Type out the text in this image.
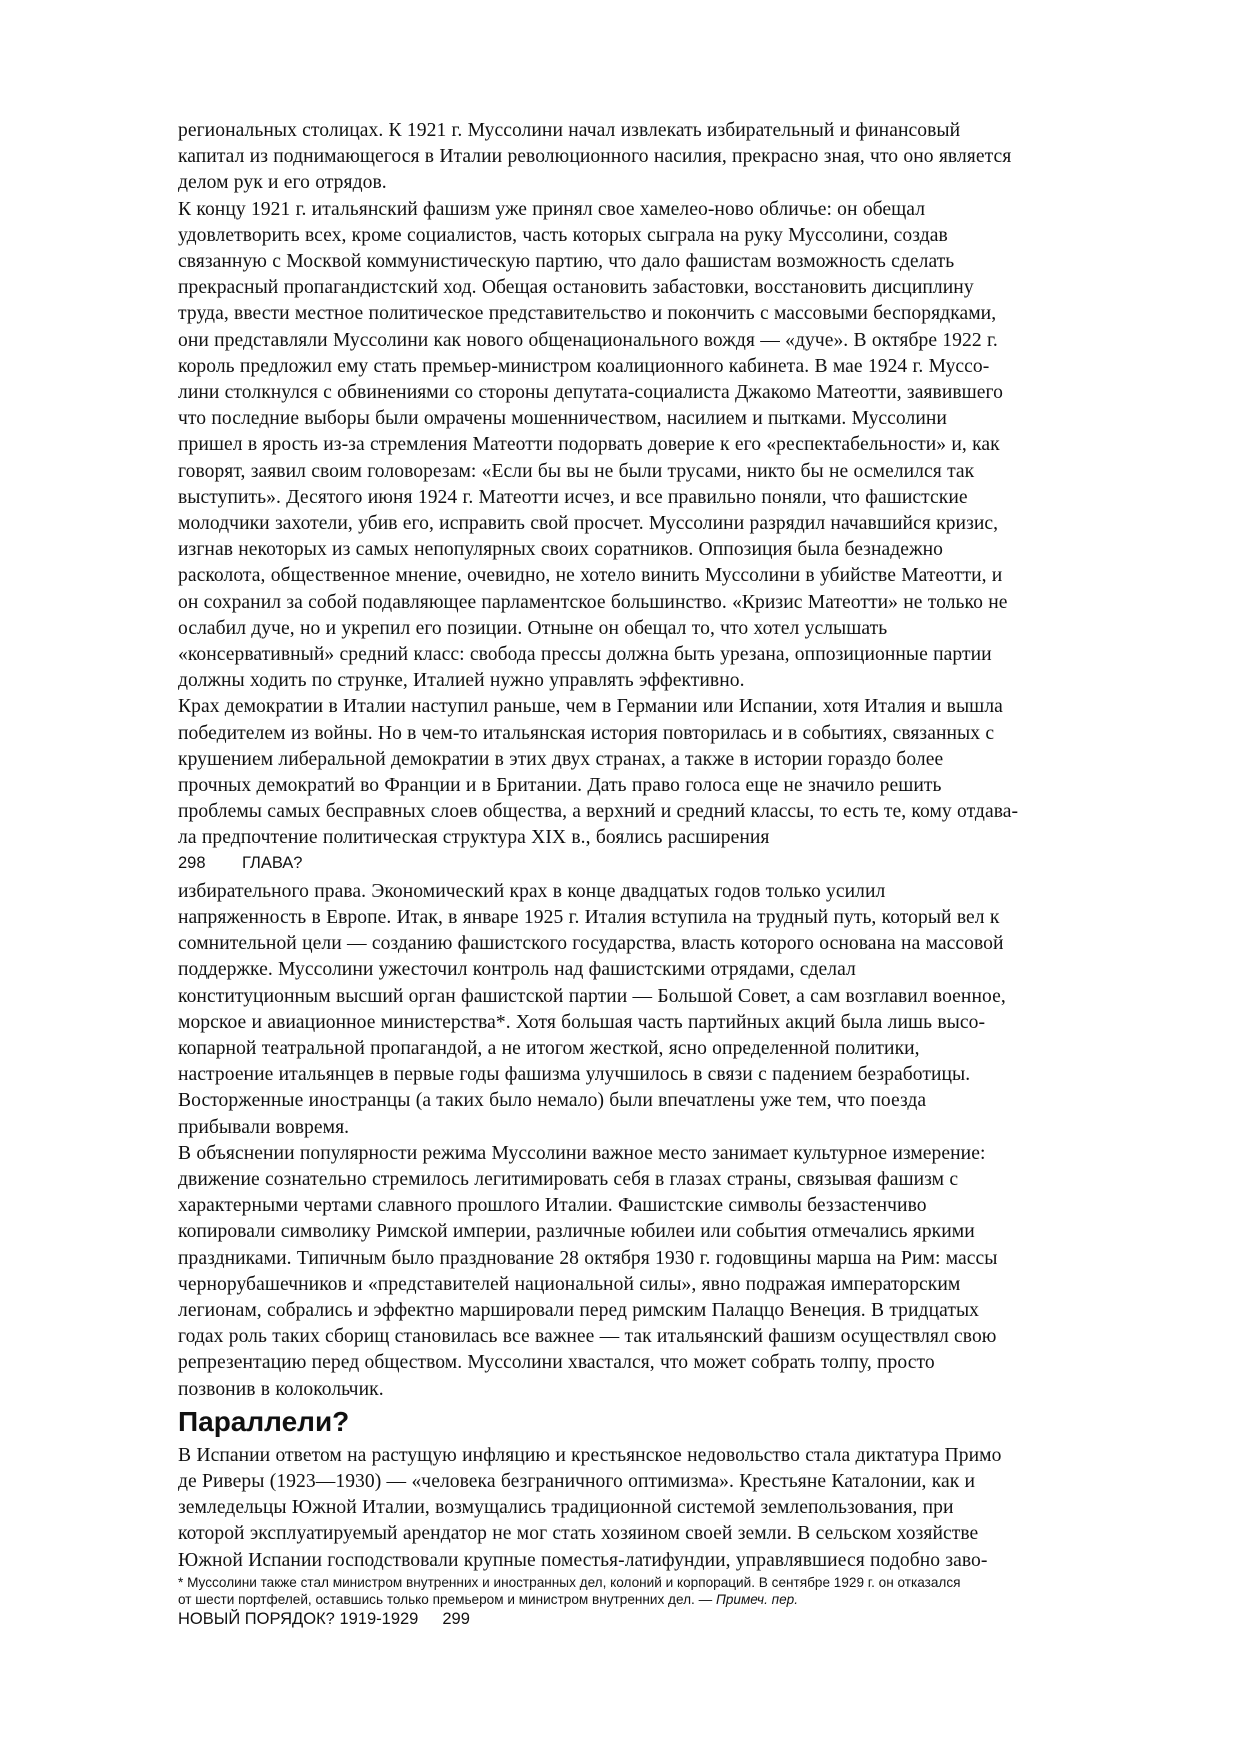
региональных столицах. К 1921 г. Муссолини начал извлекать избирательный и финансовый
капитал из поднимающегося в Италии революционного насилия, прекрасно зная, что оно является
делом рук и его отрядов.

К концу 1921 г. итальянский фашизм уже принял свое хамелео-ново обличье: он обещал
удовлетворить всех, кроме социалистов, часть которых сыграла на руку Муссолини, создав
связанную с Москвой коммунистическую партию, что дало фашистам возможность сделать
прекрасный пропагандистский ход. Обещая остановить забастовки, восстановить дисциплину
труда, ввести местное политическое представительство и покончить с массовыми беспорядками,
они представляли Муссолини как нового общенационального вождя — «дуче». В октябре 1922 г.
король предложил ему стать премьер-министром коалиционного кабинета. В мае 1924 г. Муссо-
лини столкнулся с обвинениями со стороны депутата-социалиста Джакомо Матеотти, заявившего
что последние выборы были омрачены мошенничеством, насилием и пытками. Муссолини
пришел в ярость из-за стремления Матеотти подорвать доверие к его «респектабельности» и, как
говорят, заявил своим головорезам: «Если бы вы не были трусами, никто бы не осмелился так
выступить». Десятого июня 1924 г. Матеотти исчез, и все правильно поняли, что фашистские
молодчики захотели, убив его, исправить свой просчет. Муссолини разрядил начавшийся кризис,
изгнав некоторых из самых непопулярных своих соратников. Оппозиция была безнадежно
расколота, общественное мнение, очевидно, не хотело винить Муссолини в убийстве Матеотти, и
он сохранил за собой подавляющее парламентское большинство. «Кризис Матеотти» не только не
ослабил дуче, но и укрепил его позиции. Отныне он обещал то, что хотел услышать
«консервативный» средний класс: свобода прессы должна быть урезана, оппозиционные партии
должны ходить по струнке, Италией нужно управлять эффективно.

Крах демократии в Италии наступил раньше, чем в Германии или Испании, хотя Италия и вышла
победителем из войны. Но в чем-то итальянская история повторилась и в событиях, связанных с
крушением либеральной демократии в этих двух странах, а также в истории гораздо более
прочных демократий во Франции и в Британии. Дать право голоса еще не значило решить
проблемы самых бесправных слоев общества, а верхний и средний классы, то есть те, кому отдава-
ла предпочтение политическая структура XIX в., боялись расширения

298 ГЛАВА?

избирательного права. Экономический крах в конце двадцатых годов только усилил
напряженность в Европе. Итак, в январе 1925 г. Италия вступила на трудный путь, который вел к
сомнительной цели — созданию фашистского государства, власть которого основана на массовой
поддержке. Муссолини ужесточил контроль над фашистскими отрядами, сделал
конституционным высший орган фашистской партии — Большой Совет, а сам возглавил военное,
морское и авиационное министерства*. Хотя большая часть партийных акций была лишь высо-
копарной театральной пропагандой, а не итогом жесткой, ясно определенной политики,
настроение итальянцев в первые годы фашизма улучшилось в связи с падением безработицы.
Восторженные иностранцы (а таких было немало) были впечатлены уже тем, что поезда
прибывали вовремя.

В объяснении популярности режима Муссолини важное место занимает культурное измерение:
движение сознательно стремилось легитимировать себя в глазах страны, связывая фашизм с
характерными чертами славного прошлого Италии. Фашистские символы беззастенчиво
копировали символику Римской империи, различные юбилеи или события отмечались яркими
праздниками. Типичным было празднование 28 октября 1930 г. годовщины марша на Рим: массы
чернорубашечников и «представителей национальной силы», явно подражая императорским
легионам, собрались и эффектно маршировали перед римским Палаццо Венеция. В тридцатых
годах роль таких сборищ становилась все важнее — так итальянский фашизм осуществлял свою
репрезентацию перед обществом. Муссолини хвастался, что может собрать толпу, просто
позвонив в колокольчик.

Параллели?

В Испании ответом на растущую инфляцию и крестьянское недовольство стала диктатура Примо
де Риверы (1923—1930) — «человека безграничного оптимизма». Крестьяне Каталонии, как и
земледельцы Южной Италии, возмущались традиционной системой землепользования, при
которой эксплуатируемый арендатор не мог стать хозяином своей земли. В сельском хозяйстве
Южной Испании господствовали крупные поместья-латифундии, управлявшиеся подобно заво-

* Муссолини также стал министром внутренних и иностранных дел, колоний и корпораций. В сентябре 1929 г. он отказался
от шести портфелей, оставшись только премьером и министром внутренних дел. — Примеч. пер.

НОВЫЙ ПОРЯДОК? 1919-1929 299
